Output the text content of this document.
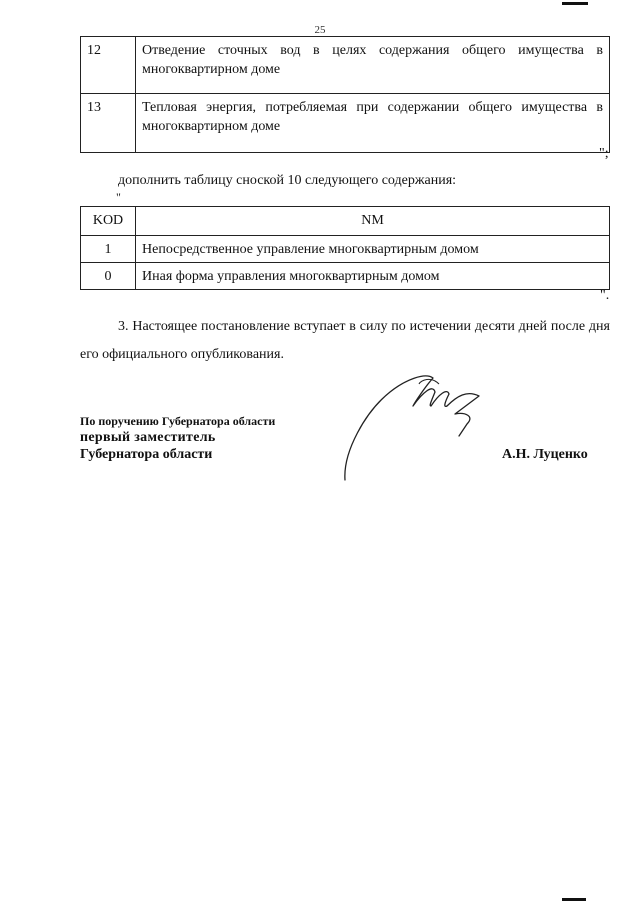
25
12	Отведение сточных вод в целях содержания общего имущества в многоквартирном доме
13	Тепловая энергия, потребляемая при содержании общего имущества в многоквартирном доме
";
дополнить таблицу сноской 10 следующего содержания:
"
KOD	NM
1	Непосредственное управление многоквартирным домом
0	Иная форма управления многоквартирным домом
".
3. Настоящее постановление вступает в силу по истечении десяти дней после дня его официального опубликования.
По поручению Губернатора области
первый заместитель
Губернатора области	А.Н. Луценко
